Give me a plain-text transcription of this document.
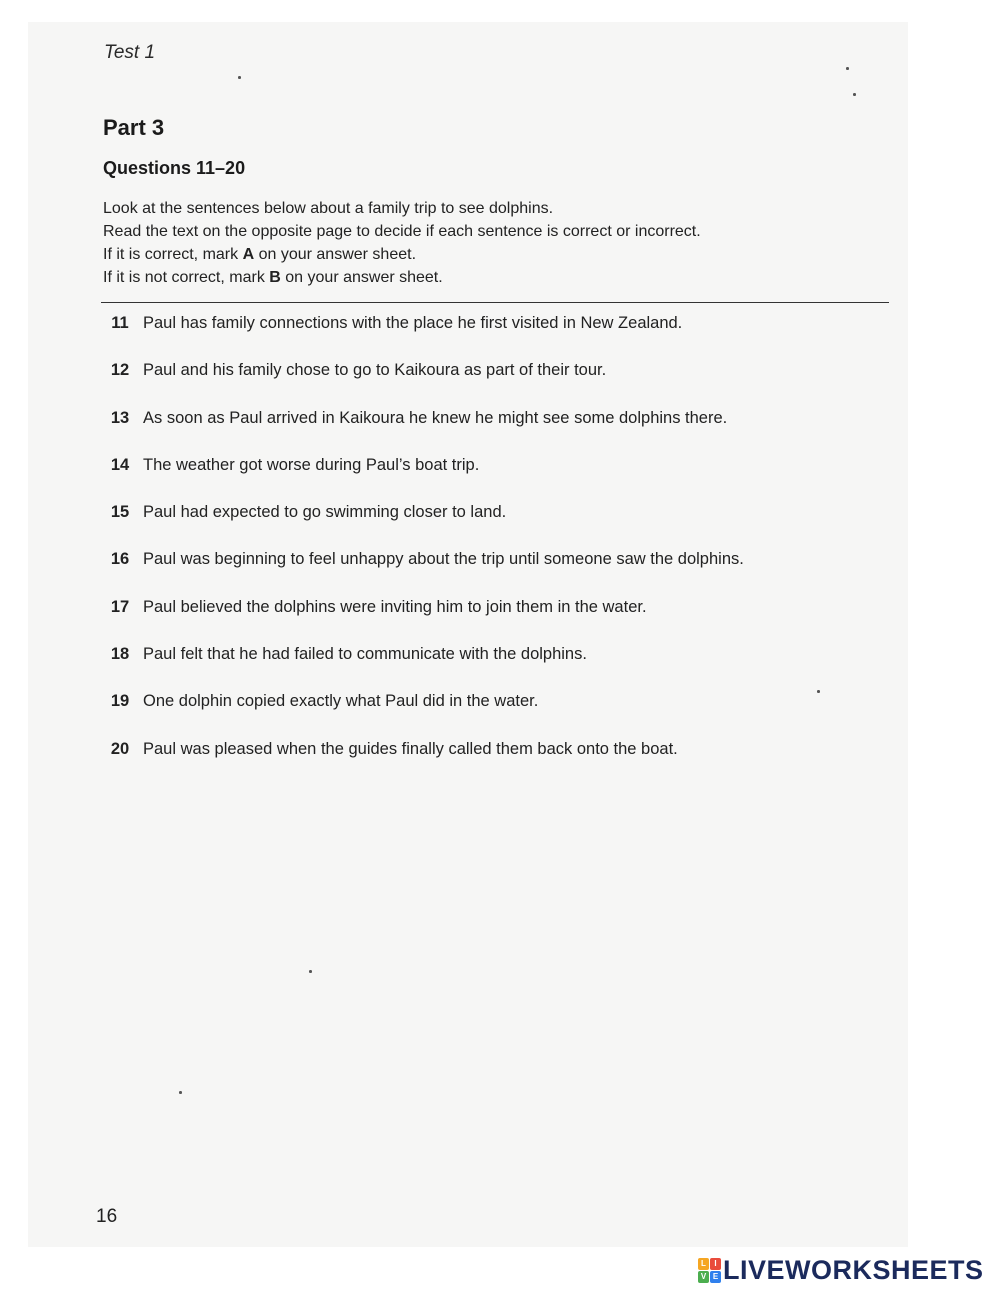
Test 1
Part 3
Questions 11–20
Look at the sentences below about a family trip to see dolphins.
Read the text on the opposite page to decide if each sentence is correct or incorrect.
If it is correct, mark A on your answer sheet.
If it is not correct, mark B on your answer sheet.
11 Paul has family connections with the place he first visited in New Zealand.
12 Paul and his family chose to go to Kaikoura as part of their tour.
13 As soon as Paul arrived in Kaikoura he knew he might see some dolphins there.
14 The weather got worse during Paul’s boat trip.
15 Paul had expected to go swimming closer to land.
16 Paul was beginning to feel unhappy about the trip until someone saw the dolphins.
17 Paul believed the dolphins were inviting him to join them in the water.
18 Paul felt that he had failed to communicate with the dolphins.
19 One dolphin copied exactly what Paul did in the water.
20 Paul was pleased when the guides finally called them back onto the boat.
16
L	I
V E LIVEWORKSHEETS
